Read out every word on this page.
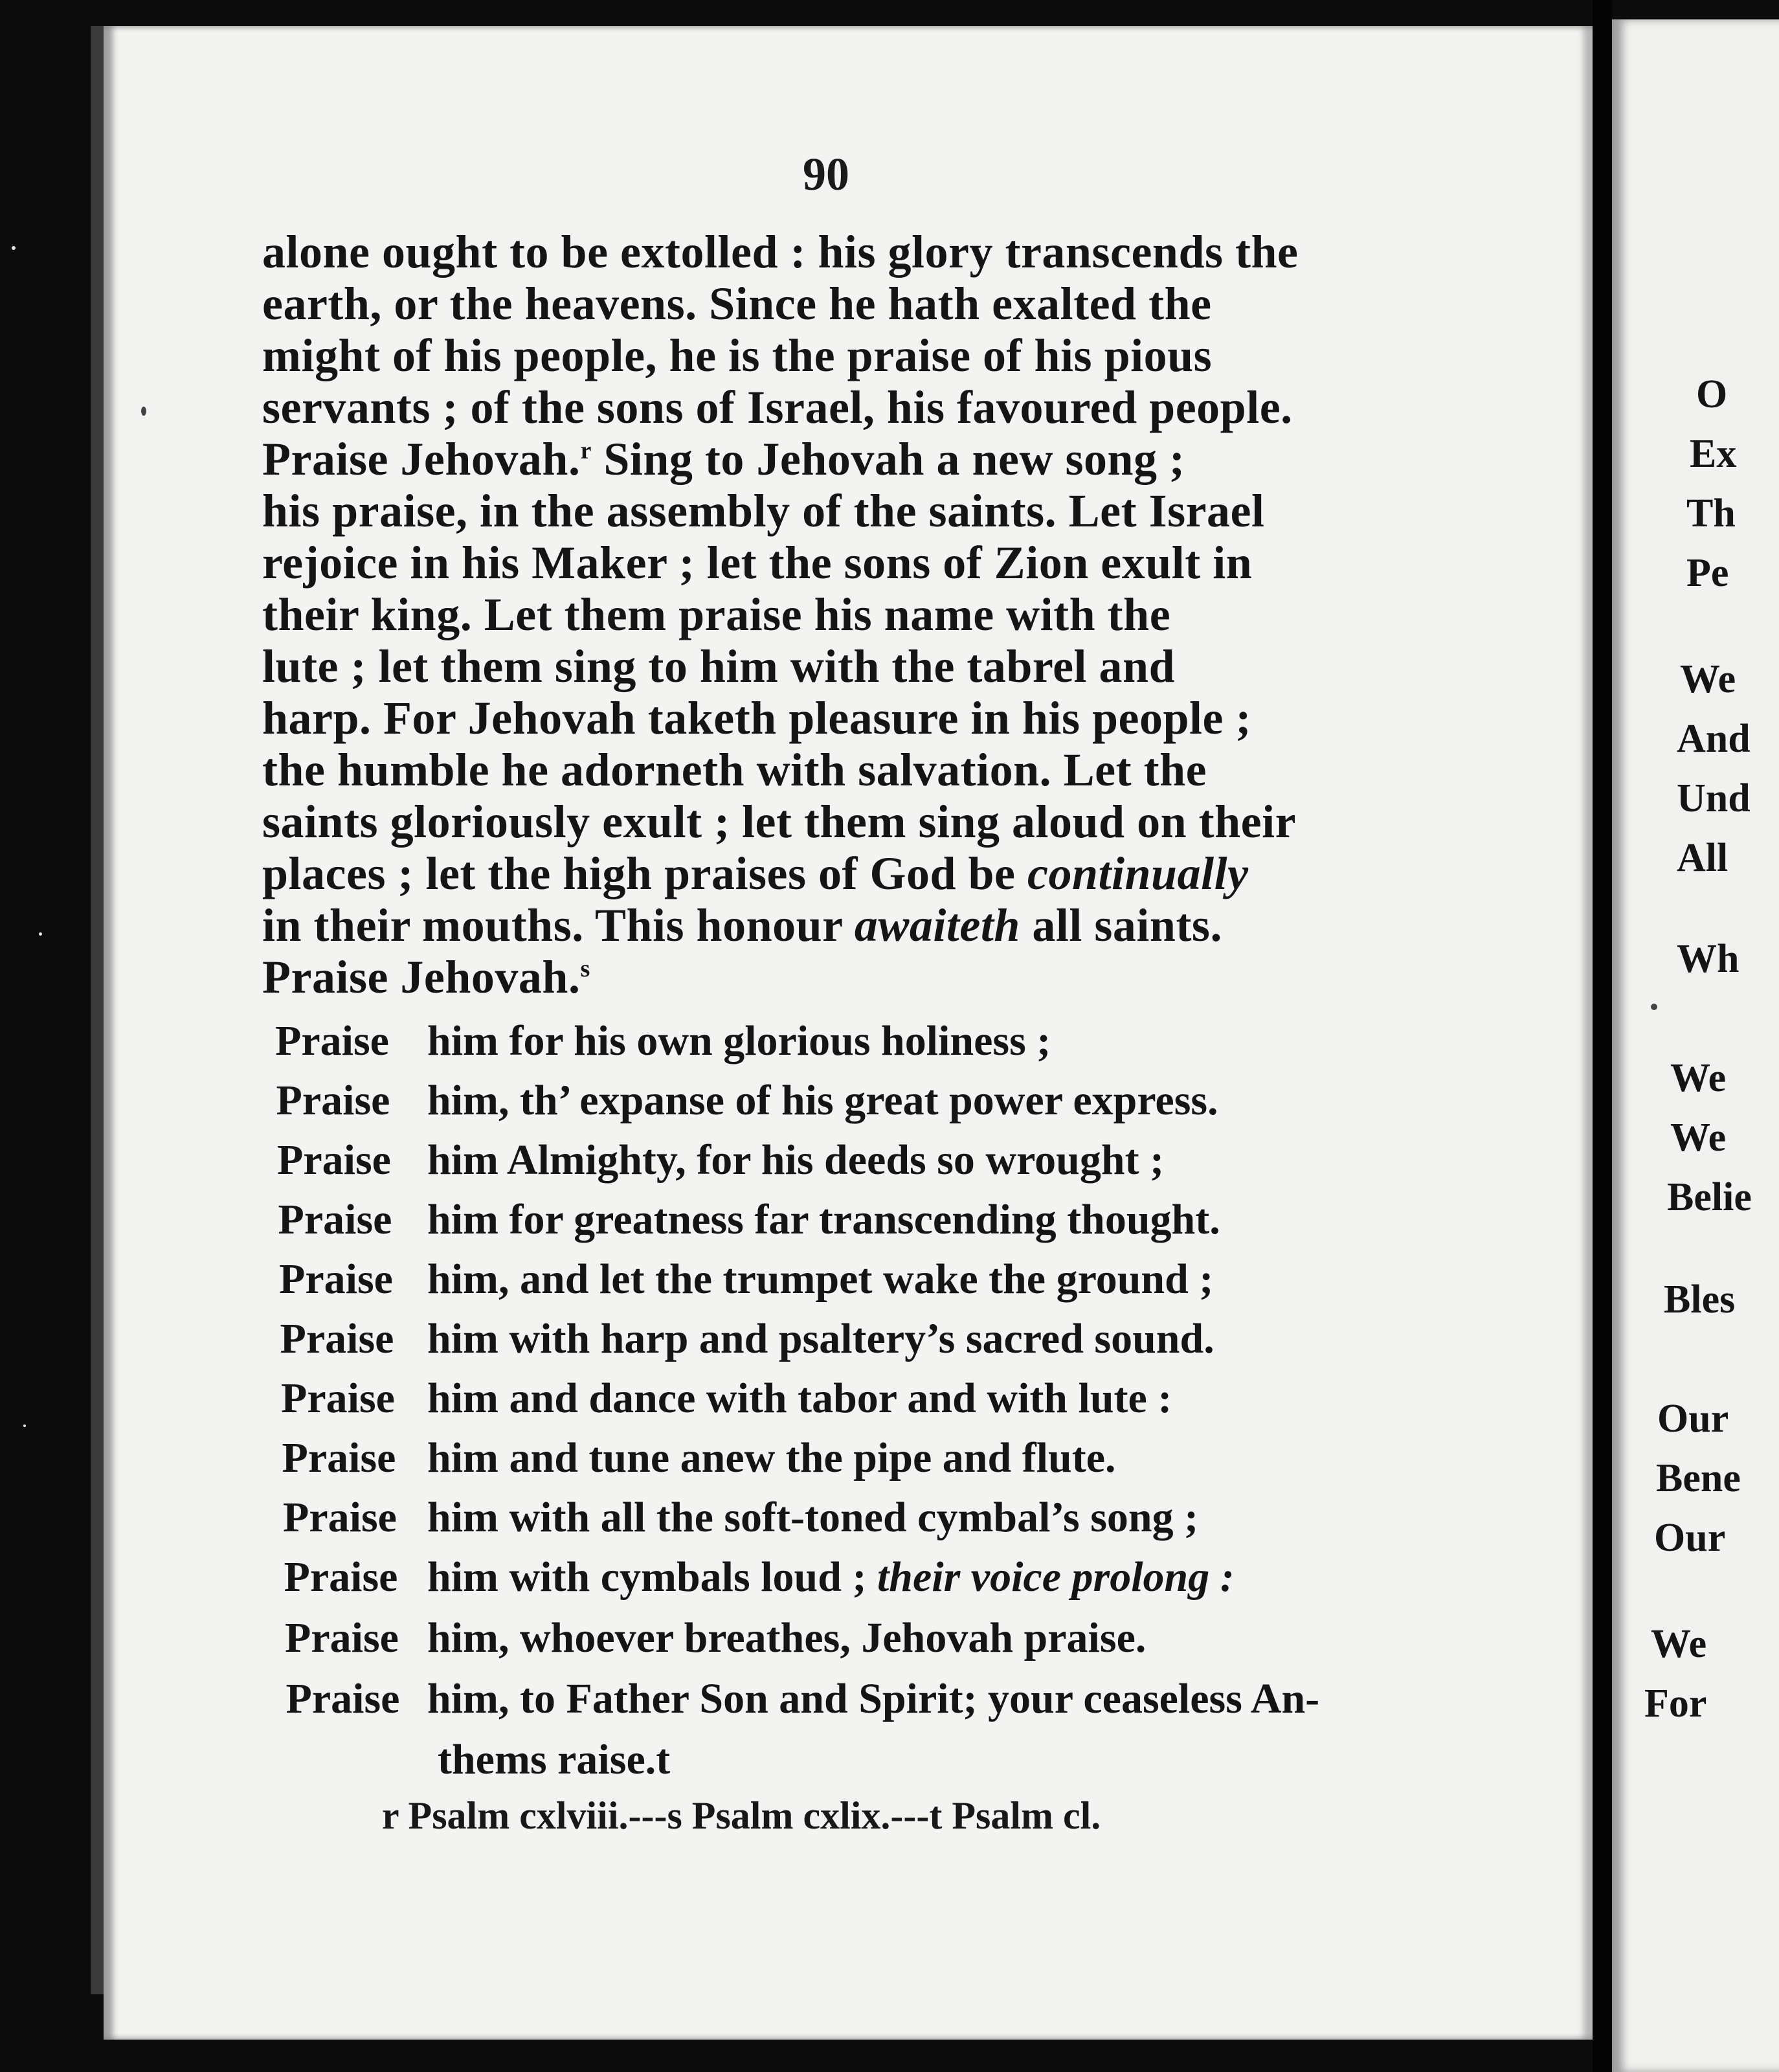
O
Ex
Th
Pe
We
And
Und
All
Wh
We
We
Belie
Bles
Our
Bene
Our
We
For
90
alone ought to be extolled : his glory transcends the
earth, or the heavens. Since he hath exalted the
might of his people, he is the praise of his pious
servants ; of the sons of Israel, his favoured people.
Praise Jehovah.$^r$ Sing to Jehovah a new song ;
his praise, in the assembly of the saints. Let Israel
rejoice in his Maker ; let the sons of Zion exult in
their king. Let them praise his name with the
lute ; let them sing to him with the tabrel and
harp. For Jehovah taketh pleasure in his people ;
the humble he adorneth with salvation. Let the
saints gloriously exult ; let them sing aloud on their
places ; let the high praises of God be continually
in their mouths. This honour awaiteth all saints.
Praise Jehovah.$^s$
Praise him for his own glorious holiness ;
Praise him, th’ expanse of his great power express.
Praise him Almighty, for his deeds so wrought ;
Praise him for greatness far transcending thought.
Praise him, and let the trumpet wake the ground ;
Praise him with harp and psaltery’s sacred sound.
Praise him and dance with tabor and with lute :
Praise him and tune anew the pipe and flute.
Praise him with all the soft-toned cymbal’s song ;
Praise him with cymbals loud ; their voice prolong :
Praise him, whoever breathes, Jehovah praise.
Praise him, to Father Son and Spirit; your ceaseless An-
thems raise.t
r Psalm cxlviii.---s Psalm cxlix.---t Psalm cl.
